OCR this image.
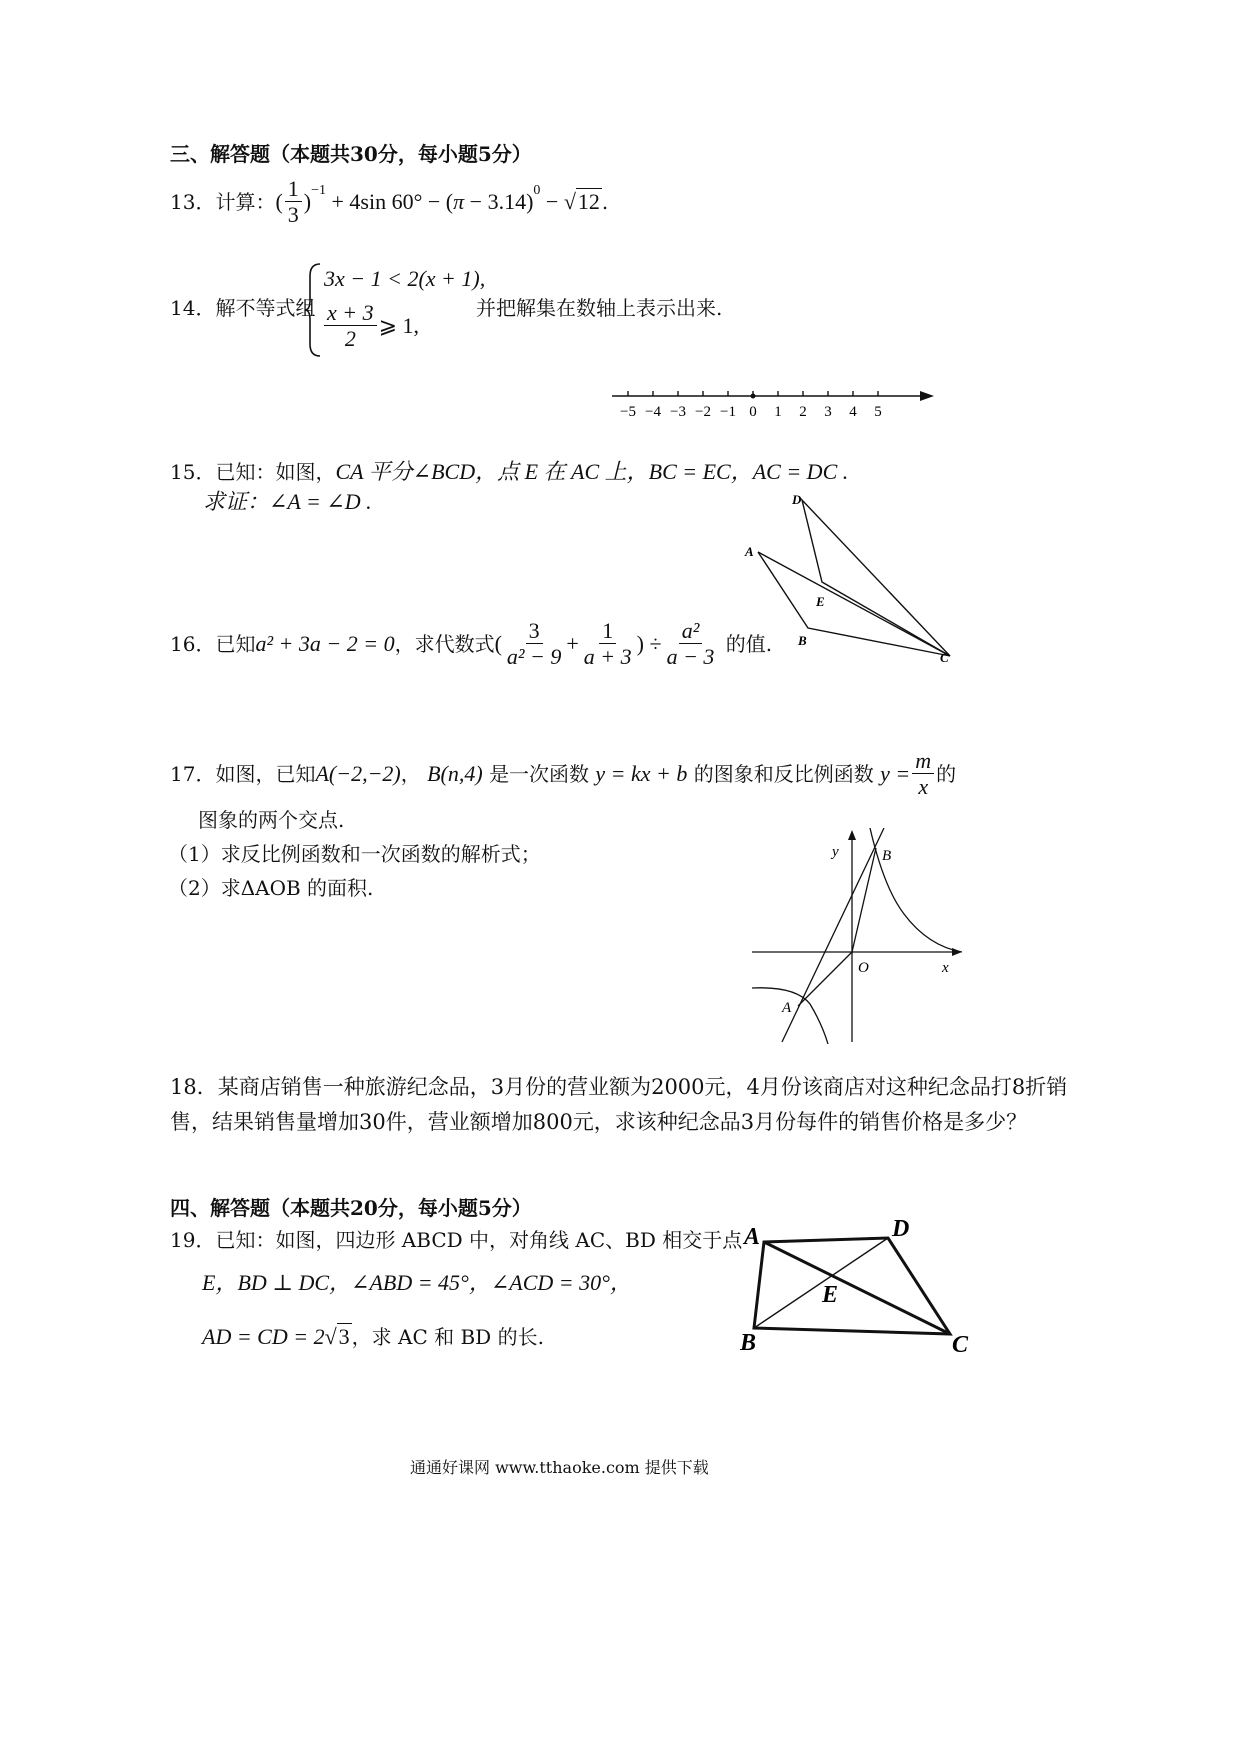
三、解答题（本题共30分，每小题5分）
13．计算： ( $\frac{1}{3}$ ) −1 + 4sin 60° − (π − 3.14) 0 − √12 .
14．解不等式组
3x − 1 < 2(x + 1),
$\frac{x + 3}{2}$ ⩾ 1,
并把解集在数轴上表示出来.
−5 −4 −3 −2 −1 0 1 2 3 4 5
15．已知：如图，CA 平分∠BCD，点 E 在 AC 上，BC = EC，AC = DC .
求证：∠A = ∠D .	D
A
E
B
C
16．已知 a² + 3a − 2 = 0 ，求代数式 ( $\frac{3}{\text{a² − 9}} + \frac{1}{a + 3}$ ) ÷ $\frac{\text{a²}}{a - 3}$
的值.
17．如图，已知 A(−2,−2) ， B(n,4)
是一次函数
y = kx + b
的图象和反比例函数
$y = \frac{m}{x}$ 的
图象的两个交点.
（1）求反比例函数和一次函数的解析式；
（2）求ΔAOB 的面积.
y	B
O	x
A
18．某商店销售一种旅游纪念品，3月份的营业额为2000元，4月份该商店对这种纪念品打8折销售，结果销售量增加30件，营业额增加800元，求该种纪念品3月份每件的销售价格是多少？
四、解答题（本题共20分，每小题5分）
19．已知：如图，四边形 ABCD 中，对角线 AC、BD 相交于点
E，BD ⊥ DC，∠ABD = 45°，∠ACD = 30°，
AD = CD = 2 √ 3 ，求 AC 和 BD 的长.
A	D
E
B	C
通通好课网 www.tthaoke.com 提供下载
